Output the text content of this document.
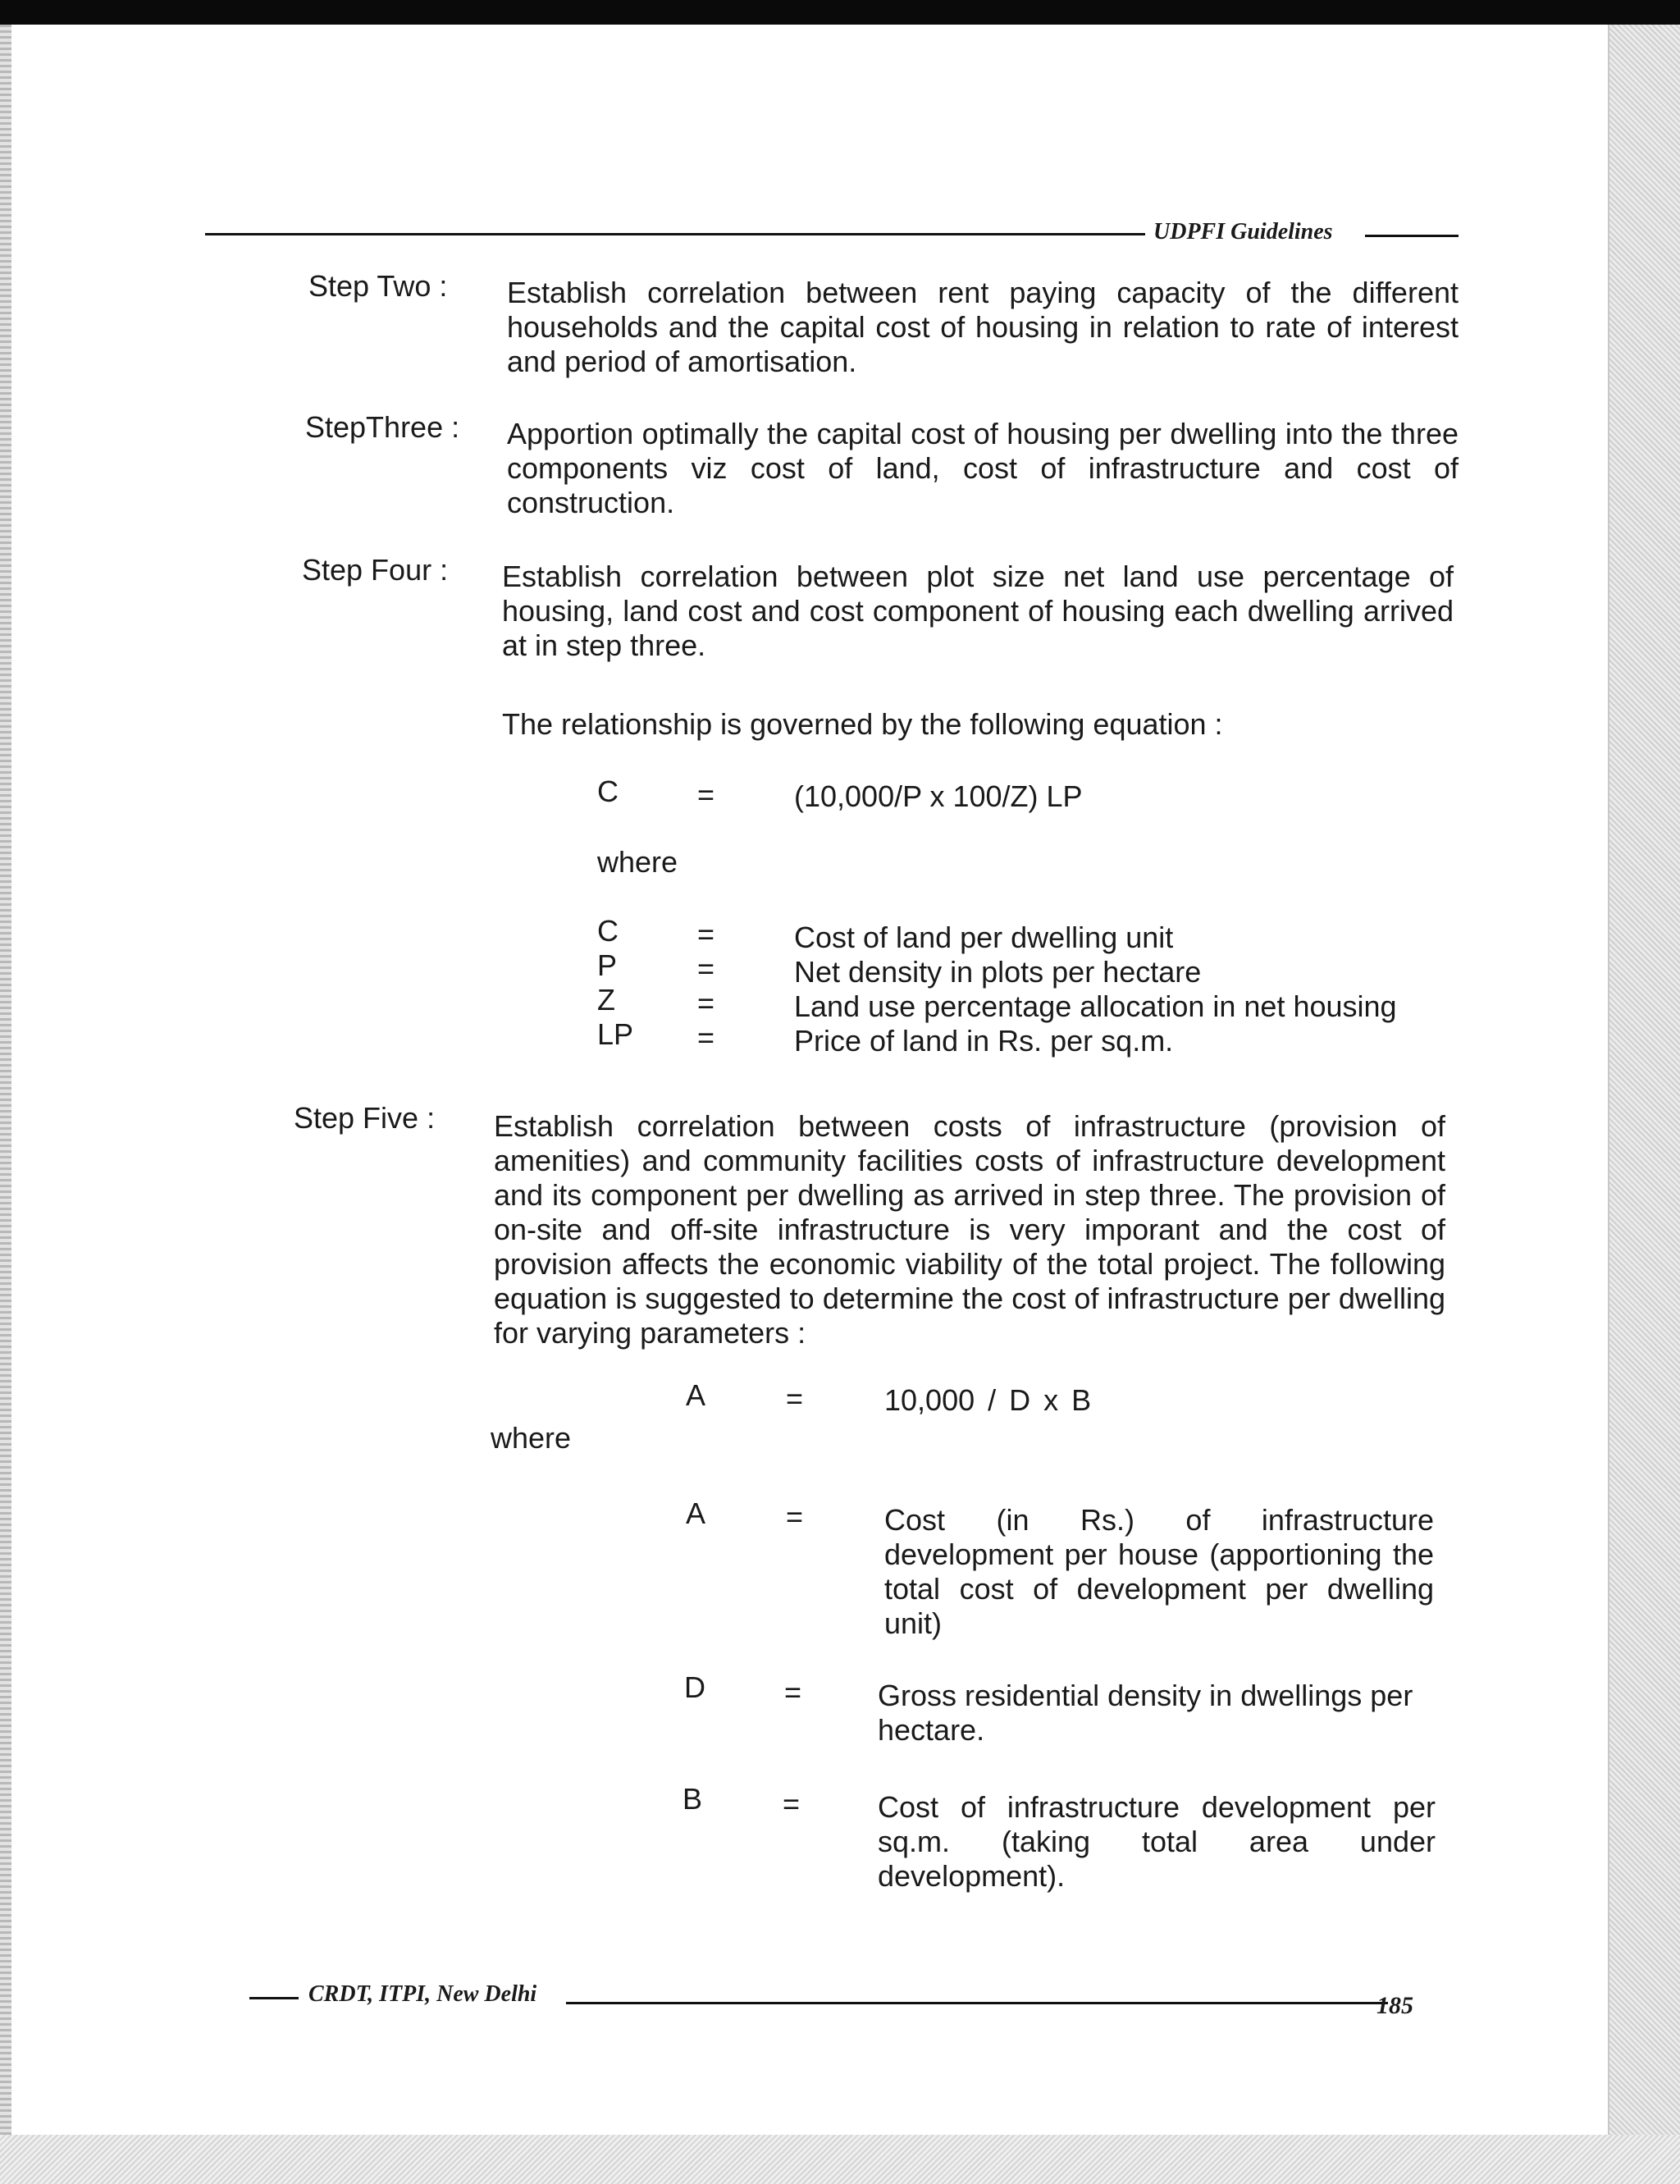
UDPFI Guidelines
Step Two : Establish correlation between rent paying capacity of the different households and the capital cost of housing in relation to rate of interest and period of amortisation.
StepThree : Apportion optimally the capital cost of housing per dwelling into the three components viz cost of land, cost of infrastructure and cost of construction.
Step Four : Establish correlation between plot size net land use percentage of housing, land cost and cost component of housing each dwelling arrived at in step three.
The relationship is governed by the following equation :
C	=	(10,000/P x 100/Z) LP
where
C	=	Cost of land per dwelling unit
P	=	Net density in plots per hectare
Z	=	Land use percentage allocation in net housing
LP =	Price of land in Rs. per sq.m.
Step Five : Establish correlation between costs of infrastructure (provision of amenities) and community facilities costs of infrastructure development and its component per dwelling as arrived in step three. The provision of on-site and off-site infrastructure is very imporant and the cost of provision affects the economic viability of the total project. The following equation is suggested to determine the cost of infrastructure per dwelling for varying parameters :
A	=	10,000 / D x B
where
A	=	Cost (in Rs.) of infrastructure development per house (apportioning the total cost of development per dwelling unit)
D	=	Gross residential density in dwellings per hectare.
B	=	Cost of infrastructure development per sq.m. (taking total area under development).
CRDT, ITPI, New Delhi	185
